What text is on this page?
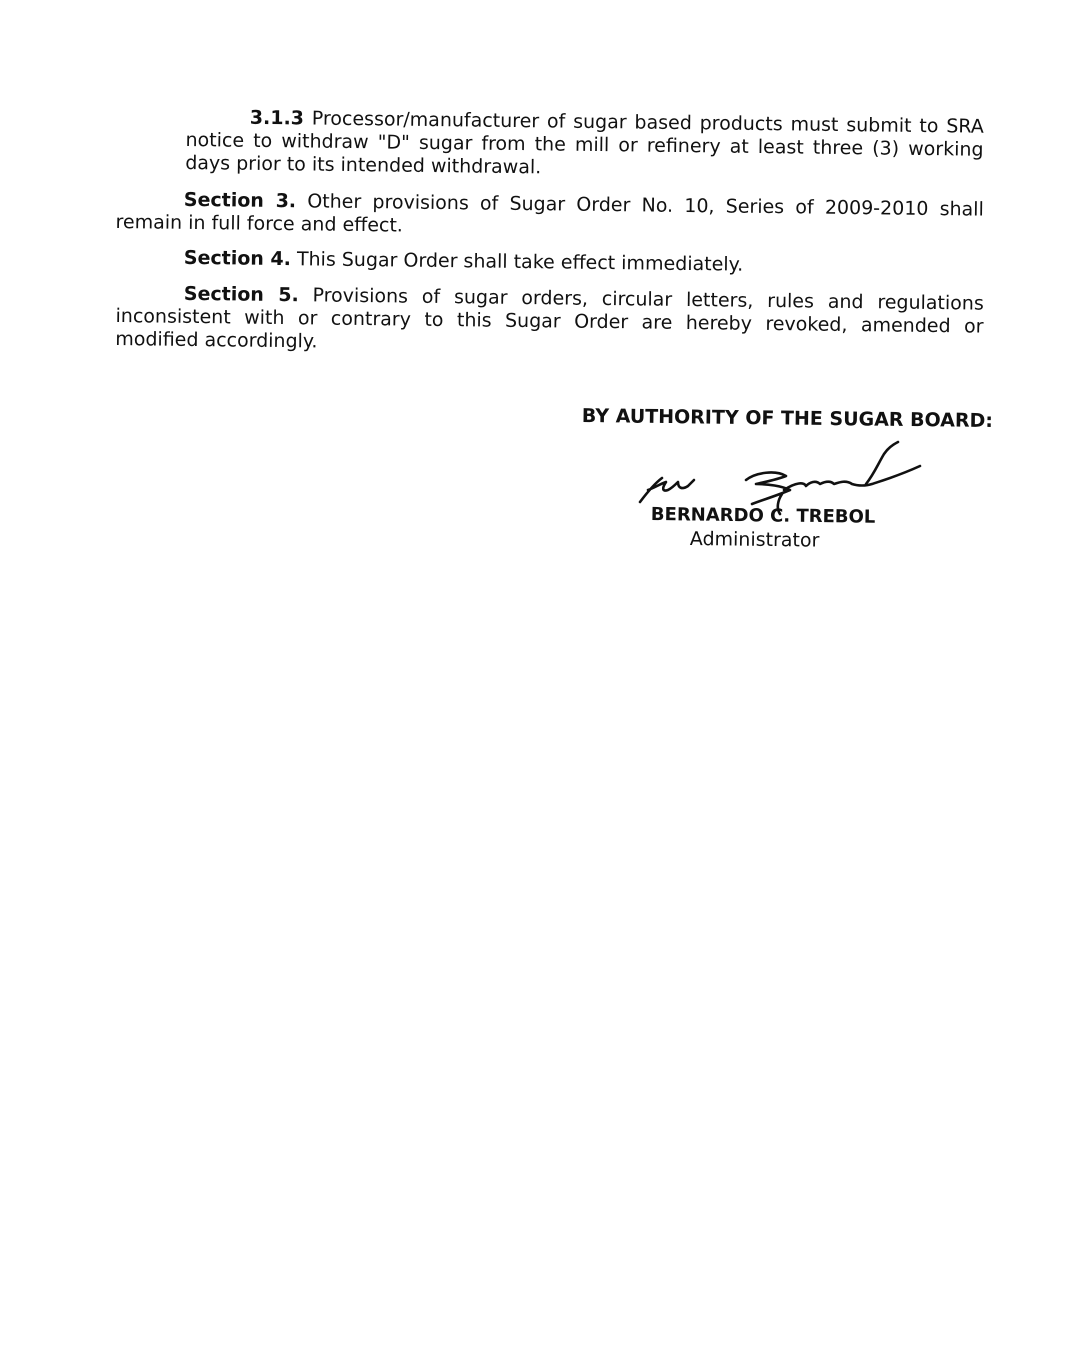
3.1.3 Processor/manufacturer of sugar based products must submit to SRA notice to withdraw "D" sugar from the mill or refinery at least three (3) working days prior to its intended withdrawal.
Section 3. Other provisions of Sugar Order No. 10, Series of 2009-2010 shall remain in full force and effect.
Section 4. This Sugar Order shall take effect immediately.
Section 5. Provisions of sugar orders, circular letters, rules and regulations inconsistent with or contrary to this Sugar Order are hereby revoked, amended or modified accordingly.
BY AUTHORITY OF THE SUGAR BOARD:
BERNARDO C. TREBOL
Administrator
